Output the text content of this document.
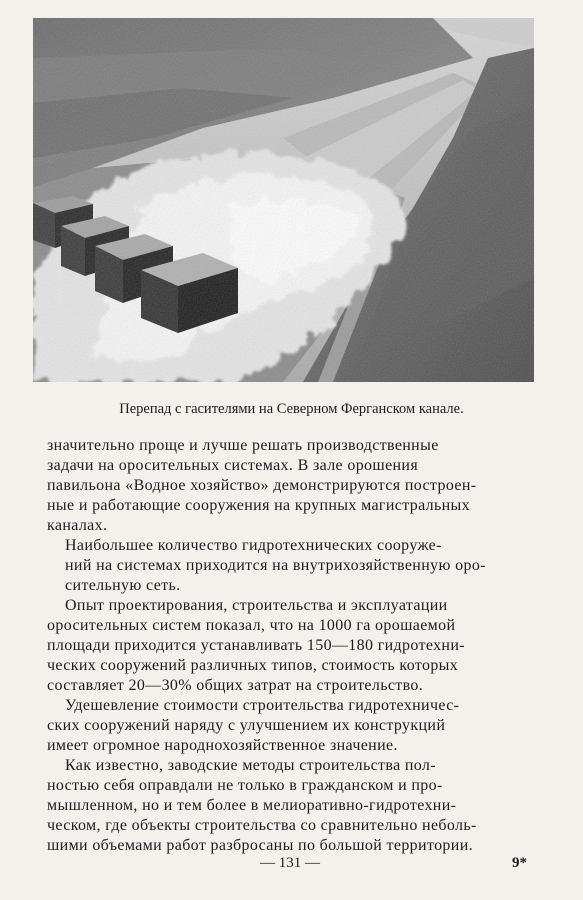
Перепад с гасителями на Северном Ферганском канале.

значительно проще и лучше решать производственные
задачи на оросительных системах. В зале орошения
павильона «Водное хозяйство» демонстрируются построен-
ные и работающие сооружения на крупных магистральных
каналах.

Наибольшее количество гидротехнических сооруже-
ний на системах приходится на внутрихозяйственную оро-
сительную сеть.

Опыт проектирования, строительства и эксплуатации
оросительных систем показал, что на 1000 га орошаемой
площади приходится устанавливать 150—180 гидротехни-
ческих сооружений различных типов, стоимость которых
составляет 20—30% общих затрат на строительство.

Удешевление стоимости строительства гидротехничес-
ских сооружений наряду с улучшением их конструкций
имеет огромное народнохозяйственное значение.

Как известно, заводские методы строительства пол-
ностью себя оправдали не только в гражданском и про-
мышленном, но и тем более в мелиоративно-гидротехни-
ческом, где объекты строительства со сравнительно неболь-
шими объемами работ разбросаны по большой территории.

— 131 —	9*
